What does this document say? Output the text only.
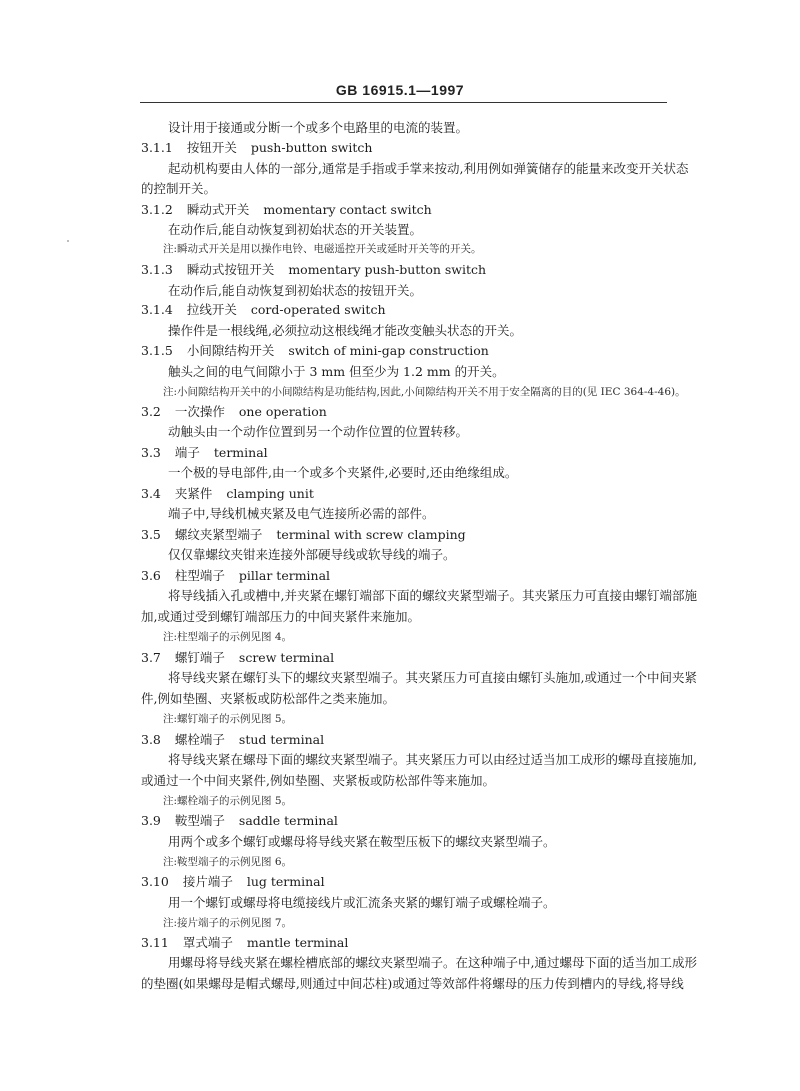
GB 16915.1—1997
设计用于接通或分断一个或多个电路里的电流的装置。
3.1.1 按钮开关 push-button switch
起动机构要由人体的一部分,通常是手指或手掌来按动,利用例如弹簧储存的能量来改变开关状态
的控制开关。
3.1.2 瞬动式开关 momentary contact switch
在动作后,能自动恢复到初始状态的开关装置。
注:瞬动式开关是用以操作电铃、电磁遥控开关或延时开关等的开关。
3.1.3 瞬动式按钮开关 momentary push-button switch
在动作后,能自动恢复到初始状态的按钮开关。
3.1.4 拉线开关 cord-operated switch
操作件是一根线绳,必须拉动这根线绳才能改变触头状态的开关。
3.1.5 小间隙结构开关 switch of mini-gap construction
触头之间的电气间隙小于 3 mm 但至少为 1.2 mm 的开关。
注:小间隙结构开关中的小间隙结构是功能结构,因此,小间隙结构开关不用于安全隔离的目的(见 IEC 364-4-46)。
3.2 一次操作 one operation
动触头由一个动作位置到另一个动作位置的位置转移。
3.3 端子 terminal
一个极的导电部件,由一个或多个夹紧件,必要时,还由绝缘组成。
3.4 夹紧件 clamping unit
端子中,导线机械夹紧及电气连接所必需的部件。
3.5 螺纹夹紧型端子 terminal with screw clamping
仅仅靠螺纹夹钳来连接外部硬导线或软导线的端子。
3.6 柱型端子 pillar terminal
将导线插入孔或槽中,并夹紧在螺钉端部下面的螺纹夹紧型端子。其夹紧压力可直接由螺钉端部施
加,或通过受到螺钉端部压力的中间夹紧件来施加。
注:柱型端子的示例见图 4。
3.7 螺钉端子 screw terminal
将导线夹紧在螺钉头下的螺纹夹紧型端子。其夹紧压力可直接由螺钉头施加,或通过一个中间夹紧
件,例如垫圈、夹紧板或防松部件之类来施加。
注:螺钉端子的示例见图 5。
3.8 螺栓端子 stud terminal
将导线夹紧在螺母下面的螺纹夹紧型端子。其夹紧压力可以由经过适当加工成形的螺母直接施加,
或通过一个中间夹紧件,例如垫圈、夹紧板或防松部件等来施加。
注:螺栓端子的示例见图 5。
3.9 鞍型端子 saddle terminal
用两个或多个螺钉或螺母将导线夹紧在鞍型压板下的螺纹夹紧型端子。
注:鞍型端子的示例见图 6。
3.10 接片端子 lug terminal
用一个螺钉或螺母将电缆接线片或汇流条夹紧的螺钉端子或螺栓端子。
注:接片端子的示例见图 7。
3.11 罩式端子 mantle terminal
用螺母将导线夹紧在螺栓槽底部的螺纹夹紧型端子。在这种端子中,通过螺母下面的适当加工成形
的垫圈(如果螺母是帽式螺母,则通过中间芯柱)或通过等效部件将螺母的压力传到槽内的导线,将导线
